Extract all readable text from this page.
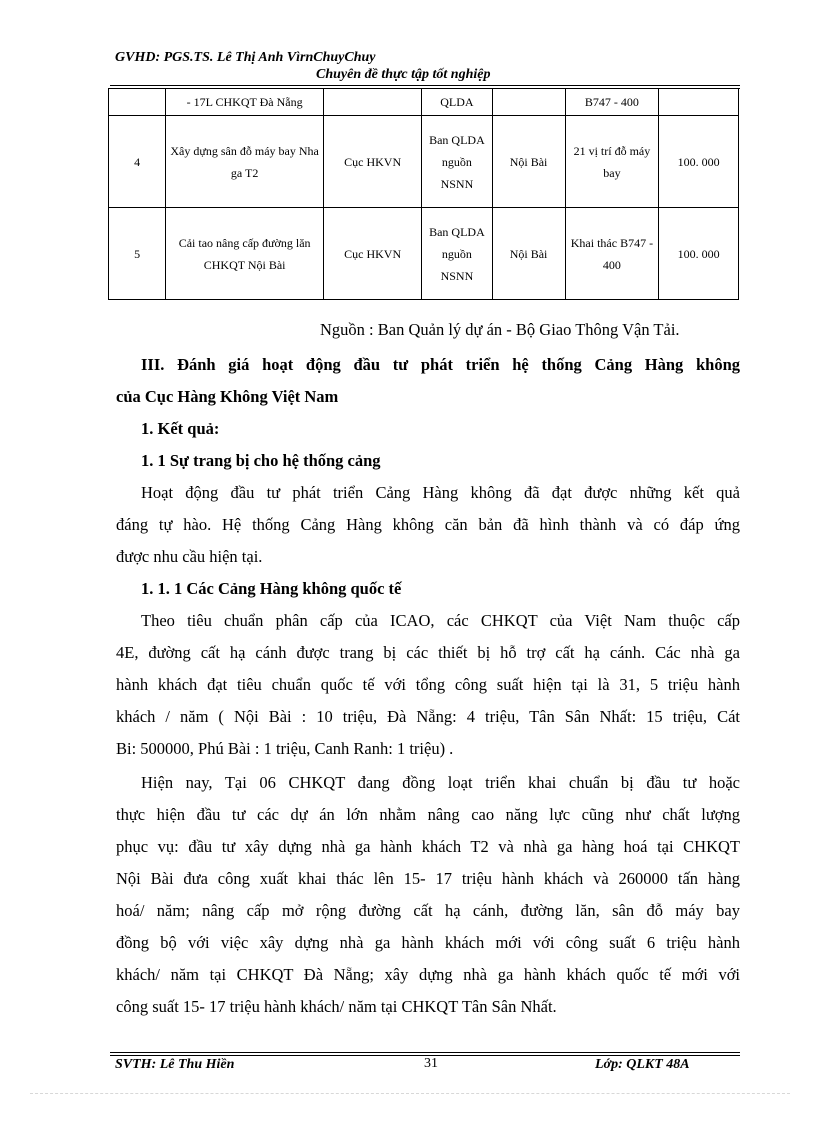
GVHD: PGS.TS. Lê Thị Anh VìrnChuyChuy
Chuyên đề thực tập tốt nghiệp
	- 17L CHKQT Đà Nẵng		QLDA		B747 - 400	
4	Xây dựng sân đỗ máy bay Nha ga T2	Cục HKVN	Ban QLDA nguồn NSNN	Nội Bài	21 vị trí đỗ máy bay	100. 000
5	Cải tao nâng cấp đường lăn CHKQT Nội Bài	Cục HKVN	Ban QLDA nguồn NSNN	Nội Bài	Khai thác B747 - 400	100. 000
Nguồn : Ban Quản lý dự án - Bộ Giao Thông Vận Tải.
III. Đánh giá hoạt động đầu tư phát triển hệ thống Cảng Hàng không
của Cục Hàng Không Việt Nam
1. Kết quả:
1. 1 Sự trang bị cho hệ thống cảng
Hoạt động đầu tư phát triển Cảng Hàng không đã đạt được những kết quả
đáng tự hào. Hệ thống Cảng Hàng không căn bản đã hình thành và có đáp ứng
được nhu cầu hiện tại.
1. 1. 1 Các Cảng Hàng không quốc tế
Theo tiêu chuẩn phân cấp của ICAO, các CHKQT của Việt Nam thuộc cấp
4E, đường cất hạ cánh được trang bị các thiết bị hỗ trợ cất hạ cánh. Các nhà ga
hành khách đạt tiêu chuẩn quốc tế với tổng công suất hiện tại là 31, 5 triệu hành
khách / năm ( Nội Bài : 10 triệu, Đà Nẵng: 4 triệu, Tân Sân Nhất: 15 triệu, Cát
Bi: 500000, Phú Bài : 1 triệu, Canh Ranh: 1 triệu) .
Hiện nay, Tại 06 CHKQT đang đồng loạt triển khai chuẩn bị đầu tư hoặc
thực hiện đầu tư các dự án lớn nhằm nâng cao năng lực cũng như chất lượng
phục vụ: đầu tư xây dựng nhà ga hành khách T2 và nhà ga hàng hoá tại CHKQT
Nội Bài đưa công xuất khai thác lên 15- 17 triệu hành khách và 260000 tấn hàng
hoá/ năm; nâng cấp mở rộng đường cất hạ cánh, đường lăn, sân đỗ máy bay
đồng bộ với việc xây dựng nhà ga hành khách mới với công suất 6 triệu hành
khách/ năm tại CHKQT Đà Nẵng; xây dựng nhà ga hành khách quốc tế mới với
công suất 15- 17 triệu hành khách/ năm tại CHKQT Tân Sân Nhất.
SVTH: Lê Thu Hiền	31	Lớp: QLKT 48A
